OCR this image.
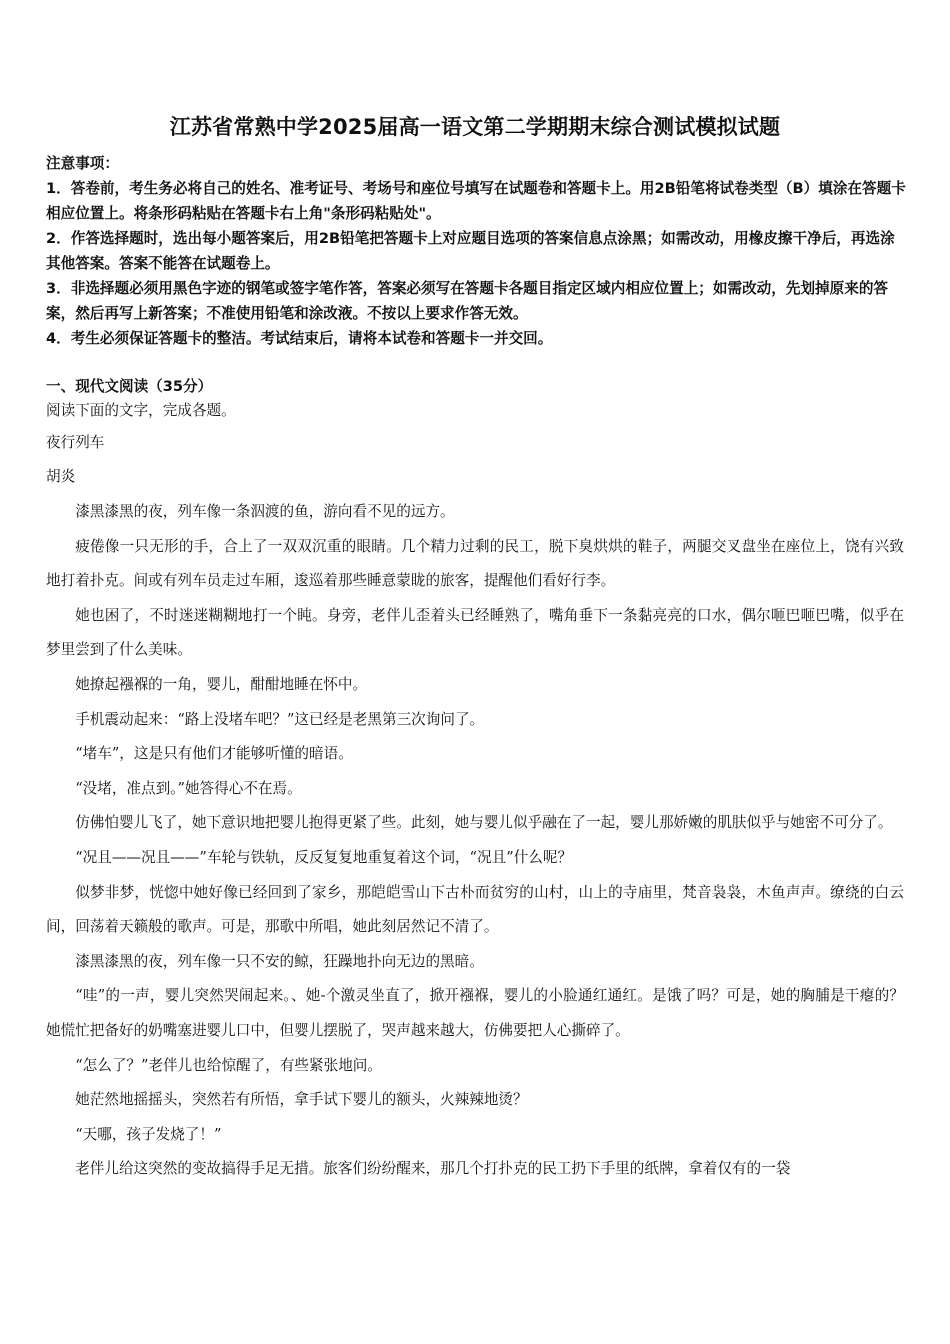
江苏省常熟中学2025届高一语文第二学期期末综合测试模拟试题

注意事项：

1．答卷前，考生务必将自己的姓名、准考证号、考场号和座位号填写在试题卷和答题卡上。用2B铅笔将试卷类型（B）填涂在答题卡相应位置上。将条形码粘贴在答题卡右上角"条形码粘贴处"。

2．作答选择题时，选出每小题答案后，用2B铅笔把答题卡上对应题目选项的答案信息点涂黑；如需改动，用橡皮擦干净后，再选涂其他答案。答案不能答在试题卷上。

3．非选择题必须用黑色字迹的钢笔或签字笔作答，答案必须写在答题卡各题目指定区域内相应位置上；如需改动，先划掉原来的答案，然后再写上新答案；不准使用铅笔和涂改液。不按以上要求作答无效。

4．考生必须保证答题卡的整洁。考试结束后，请将本试卷和答题卡一并交回。

一、现代文阅读（35分）
阅读下面的文字，完成各题。
夜行列车
胡炎

漆黑漆黑的夜，列车像一条泅渡的鱼，游向看不见的远方。

疲倦像一只无形的手，合上了一双双沉重的眼睛。几个精力过剩的民工，脱下臭烘烘的鞋子，两腿交叉盘坐在座位上，饶有兴致地打着扑克。间或有列车员走过车厢，逡巡着那些睡意蒙眬的旅客，提醒他们看好行李。

她也困了，不时迷迷糊糊地打一个盹。身旁，老伴儿歪着头已经睡熟了，嘴角垂下一条黏亮亮的口水，偶尔咂巴咂巴嘴，似乎在梦里尝到了什么美味。

她撩起襁褓的一角，婴儿，酣酣地睡在怀中。

手机震动起来：“路上没堵车吧？”这已经是老黑第三次询问了。

“堵车”，这是只有他们才能够听懂的暗语。

“没堵，准点到。”她答得心不在焉。

仿佛怕婴儿飞了，她下意识地把婴儿抱得更紧了些。此刻，她与婴儿似乎融在了一起，婴儿那娇嫩的肌肤似乎与她密不可分了。

“况且——况且——”车轮与铁轨，反反复复地重复着这个词，“况且”什么呢？

似梦非梦，恍惚中她好像已经回到了家乡，那皑皑雪山下古朴而贫穷的山村，山上的寺庙里，梵音袅袅，木鱼声声。缭绕的白云间，回荡着天籁般的歌声。可是，那歌中所唱，她此刻居然记不清了。

漆黑漆黑的夜，列车像一只不安的鲸，狂躁地扑向无边的黑暗。

“哇”的一声，婴儿突然哭闹起来。、她-个激灵坐直了，掀开襁褓，婴儿的小脸通红通红。是饿了吗？可是，她的胸脯是干瘪的？她慌忙把备好的奶嘴塞进婴儿口中，但婴儿摆脱了，哭声越来越大，仿佛要把人心撕碎了。

“怎么了？”老伴儿也给惊醒了，有些紧张地问。

她茫然地摇摇头，突然若有所悟，拿手试下婴儿的额头，火辣辣地烫？

“天哪，孩子发烧了！”

老伴儿给这突然的变故搞得手足无措。旅客们纷纷醒来，那几个打扑克的民工扔下手里的纸牌，拿着仅有的一袋
